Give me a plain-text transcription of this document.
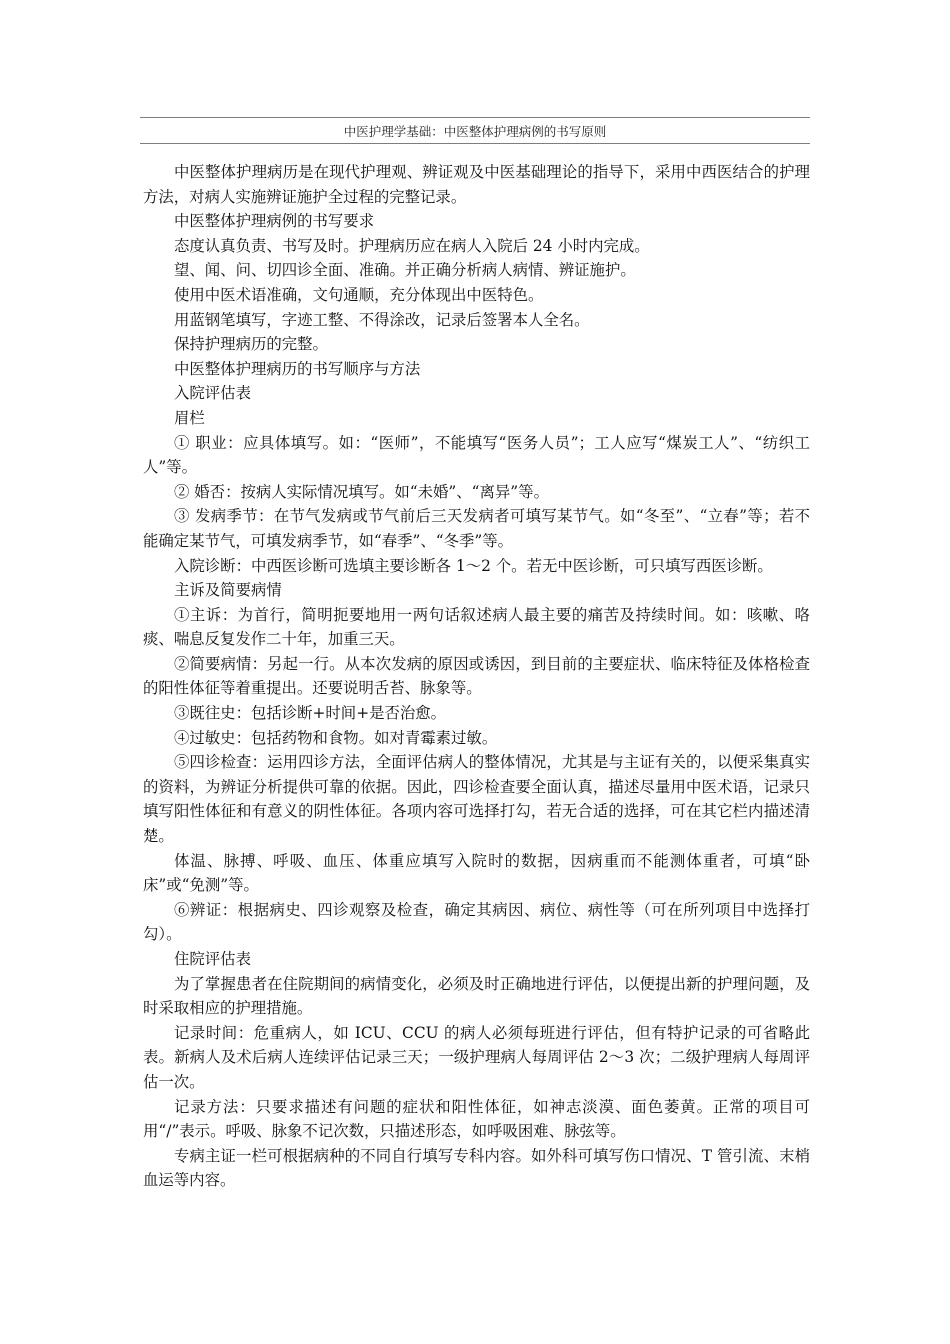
中医护理学基础：中医整体护理病例的书写原则

中医整体护理病历是在现代护理观、辨证观及中医基础理论的指导下，采用中西医结合的护理方法，对病人实施辨证施护全过程的完整记录。

中医整体护理病例的书写要求

态度认真负责、书写及时。护理病历应在病人入院后 24 小时内完成。

望、闻、问、切四诊全面、准确。并正确分析病人病情、辨证施护。

使用中医术语准确，文句通顺，充分体现出中医特色。

用蓝钢笔填写，字迹工整、不得涂改，记录后签署本人全名。

保持护理病历的完整。

中医整体护理病历的书写顺序与方法

入院评估表

眉栏

① 职业：应具体填写。如：“医师”，不能填写“医务人员”；工人应写“煤炭工人”、“纺织工人”等。

② 婚否：按病人实际情况填写。如“未婚”、“离异”等。

③ 发病季节：在节气发病或节气前后三天发病者可填写某节气。如“冬至”、“立春”等；若不能确定某节气，可填发病季节，如“春季”、“冬季”等。

入院诊断：中西医诊断可选填主要诊断各 1～2 个。若无中医诊断，可只填写西医诊断。

主诉及简要病情

①主诉：为首行，简明扼要地用一两句话叙述病人最主要的痛苦及持续时间。如：咳嗽、咯痰、喘息反复发作二十年，加重三天。

②简要病情：另起一行。从本次发病的原因或诱因，到目前的主要症状、临床特征及体格检查的阳性体征等着重提出。还要说明舌苔、脉象等。

③既往史：包括诊断+时间+是否治愈。

④过敏史：包括药物和食物。如对青霉素过敏。

⑤四诊检查：运用四诊方法，全面评估病人的整体情况，尤其是与主证有关的，以便采集真实的资料，为辨证分析提供可靠的依据。因此，四诊检查要全面认真，描述尽量用中医术语，记录只填写阳性体征和有意义的阴性体征。各项内容可选择打勾，若无合适的选择，可在其它栏内描述清楚。

体温、脉搏、呼吸、血压、体重应填写入院时的数据，因病重而不能测体重者，可填“卧床”或“免测”等。

⑥辨证：根据病史、四诊观察及检查，确定其病因、病位、病性等（可在所列项目中选择打勾）。

住院评估表

为了掌握患者在住院期间的病情变化，必须及时正确地进行评估，以便提出新的护理问题，及时采取相应的护理措施。

记录时间：危重病人，如 ICU、CCU 的病人必须每班进行评估，但有特护记录的可省略此表。新病人及术后病人连续评估记录三天；一级护理病人每周评估 2～3 次；二级护理病人每周评估一次。

记录方法：只要求描述有问题的症状和阳性体征，如神志淡漠、面色萎黄。正常的项目可用“/”表示。呼吸、脉象不记次数，只描述形态，如呼吸困难、脉弦等。

专病主证一栏可根据病种的不同自行填写专科内容。如外科可填写伤口情况、T 管引流、末梢血运等内容。
